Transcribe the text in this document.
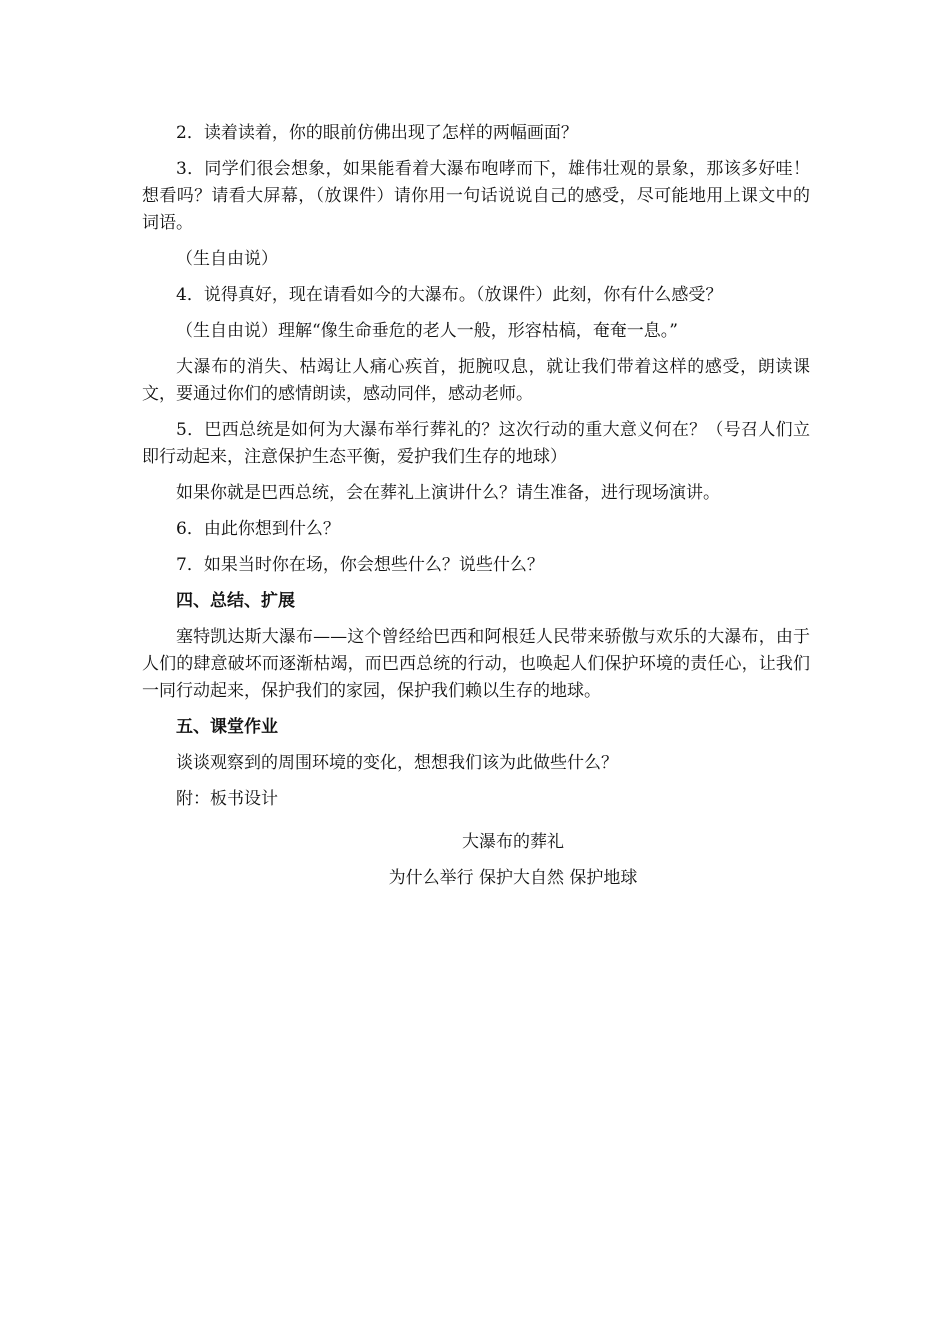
2．读着读着，你的眼前仿佛出现了怎样的两幅画面？

3．同学们很会想象，如果能看着大瀑布咆哮而下，雄伟壮观的景象，那该多好哇！想看吗？请看大屏幕，（放课件）请你用一句话说说自己的感受，尽可能地用上课文中的词语。

（生自由说）

4．说得真好，现在请看如今的大瀑布。（放课件）此刻，你有什么感受？

（生自由说）理解“像生命垂危的老人一般，形容枯槁，奄奄一息。”

大瀑布的消失、枯竭让人痛心疾首，扼腕叹息，就让我们带着这样的感受，朗读课文，要通过你们的感情朗读，感动同伴，感动老师。

5．巴西总统是如何为大瀑布举行葬礼的？这次行动的重大意义何在？（号召人们立即行动起来，注意保护生态平衡，爱护我们生存的地球）

如果你就是巴西总统，会在葬礼上演讲什么？请生准备，进行现场演讲。

6．由此你想到什么？

7．如果当时你在场，你会想些什么？说些什么？

四、总结、扩展

塞特凯达斯大瀑布——这个曾经给巴西和阿根廷人民带来骄傲与欢乐的大瀑布，由于人们的肆意破坏而逐渐枯竭，而巴西总统的行动，也唤起人们保护环境的责任心，让我们一同行动起来，保护我们的家园，保护我们赖以生存的地球。

五、课堂作业

谈谈观察到的周围环境的变化，想想我们该为此做些什么？

附：板书设计

大瀑布的葬礼

为什么举行 保护大自然 保护地球
